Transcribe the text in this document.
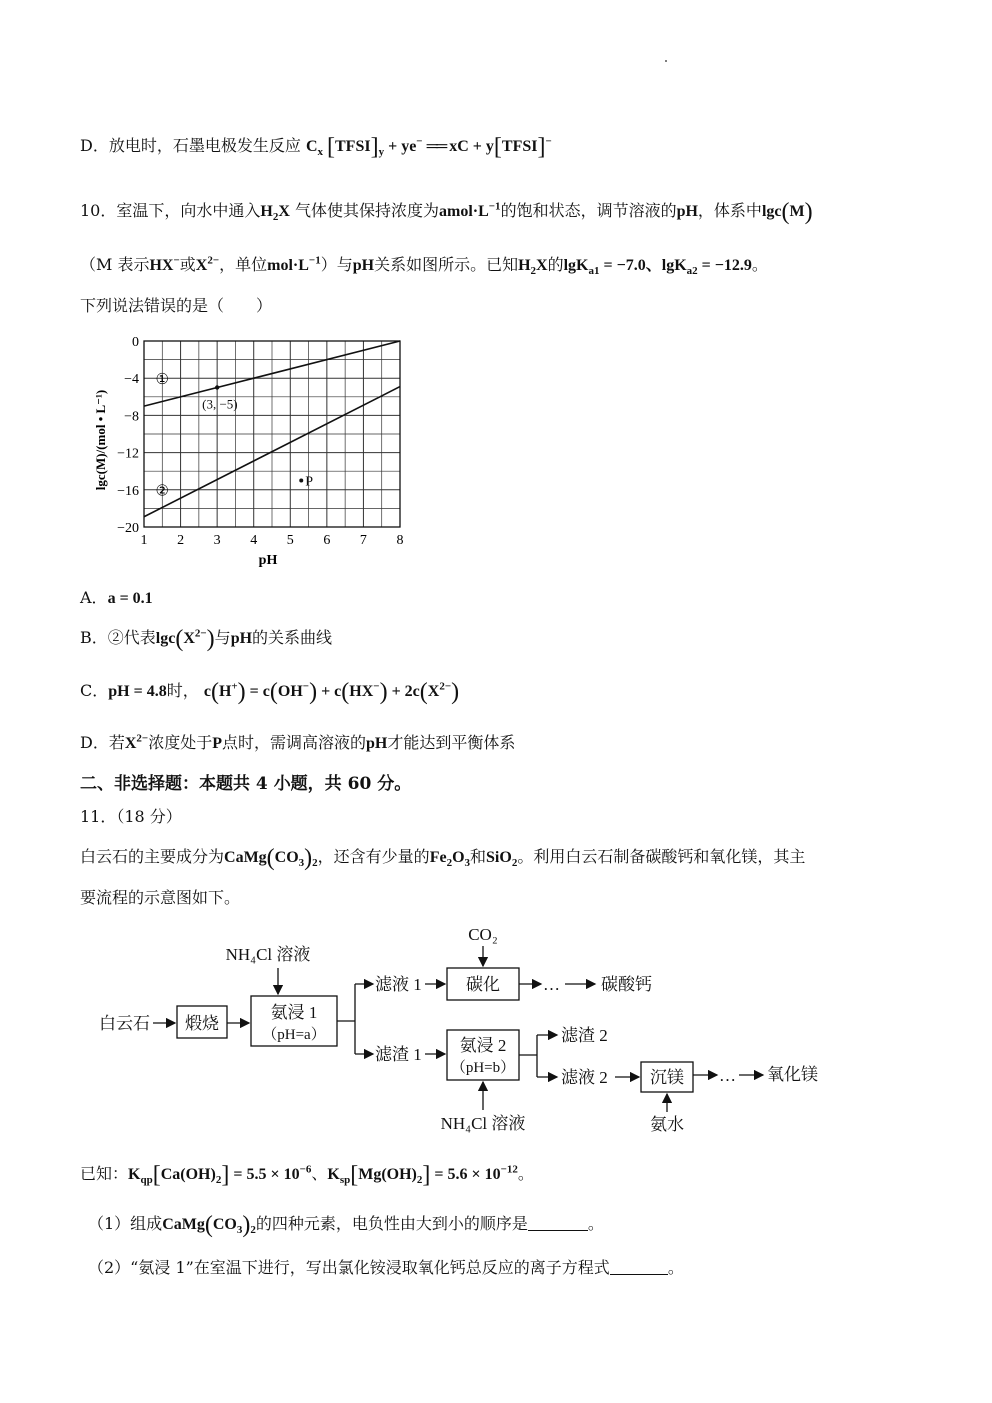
D．放电时，石墨电极发生反应 $C_x$ $[TFSI]_y + ye^-$ ══ xC + y[TFSI]−
10．室温下，向水中通入$H_2X$ 气体使其保持浓度为$amol\cdot L^{-1}$的饱和状态，调节溶液的pH，体系中lgc(M)
（M 表示HX−或$X^{2-}$，单位$mol\cdot L^{-1}$）与pH关系如图所示。已知$H_2X$的lgK$_{a1}$ = −7.0、lgK$_{a2}$ = −12.9。
下列说法错误的是（　　）
1 2 3 4 5 6 7 8
0
−4
−8
−12
−16
−20
①
②
(3, −5)
P
lgc(M)/(mol • L⁻¹)
pH
A．a = 0.1
B．②代表$\lg c(X^{2-})$与pH的关系曲线
C．pH = 4.8时， $c(H^+) = c(OH^-) + c(HX^-) + 2c(X^{2-})$
D．若$X^{2-}$浓度处于P点时，需调高溶液的pH才能达到平衡体系
二、非选择题：本题共 4 小题，共 60 分。
11．（18 分）
白云石的主要成分为$CaMg(CO_3)_2$，还含有少量的$Fe_2O_3$和SiO$_2$。利用白云石制备碳酸钙和氧化镁，其主
要流程的示意图如下。
NH₄Cl 溶液
CO₂
白云石 煅烧
氨浸 1
（pH=a）
滤液 1	碳化	… 碳酸钙
滤渣 1 氨浸 2
（pH=b）
NH₄Cl 溶液
滤渣 2
滤液 2 沉镁
氨水
… 氧化镁
已知：$K_{qp}[Ca(OH)_2] = 5.5 \times 10^{-6}$、$K_{sp}[Mg(OH)_2] = 5.6 \times 10^{-12}$。
（1）组成$CaMg(CO_3)_2$的四种元素，电负性由大到小的顺序是	。
（2）“氨浸 1”在室温下进行，写出氯化铵浸取氧化钙总反应的离子方程式	。
